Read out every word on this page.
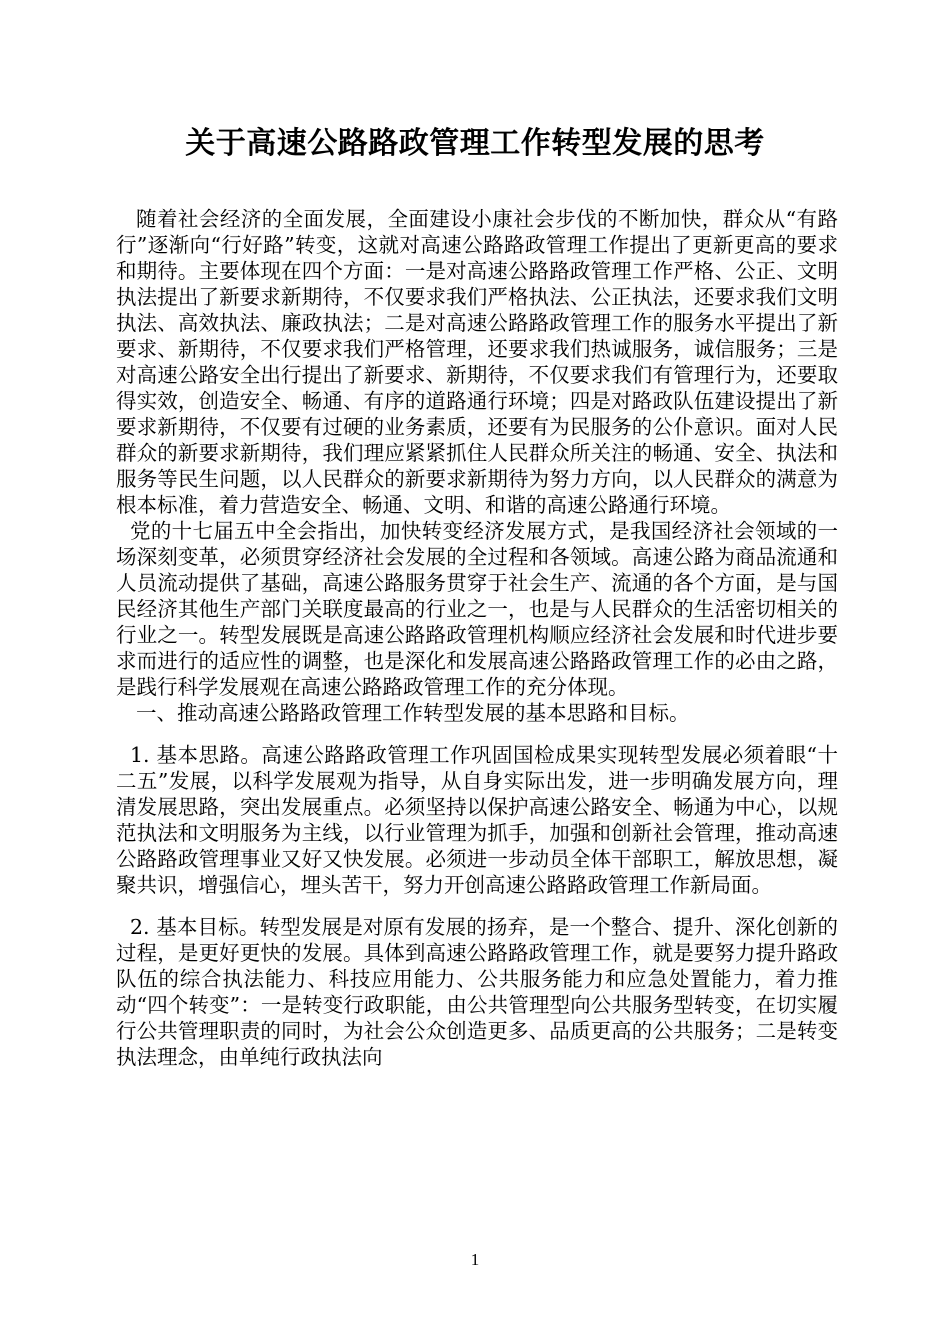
关于高速公路路政管理工作转型发展的思考

随着社会经济的全面发展，全面建设小康社会步伐的不断加快，群众从“有路行”逐渐向“行好路”转变，这就对高速公路路政管理工作提出了更新更高的要求和期待。主要体现在四个方面：一是对高速公路路政管理工作严格、公正、文明执法提出了新要求新期待，不仅要求我们严格执法、公正执法，还要求我们文明执法、高效执法、廉政执法；二是对高速公路路政管理工作的服务水平提出了新要求、新期待，不仅要求我们严格管理，还要求我们热诚服务，诚信服务；三是对高速公路安全出行提出了新要求、新期待，不仅要求我们有管理行为，还要取得实效，创造安全、畅通、有序的道路通行环境；四是对路政队伍建设提出了新要求新期待，不仅要有过硬的业务素质，还要有为民服务的公仆意识。面对人民群众的新要求新期待，我们理应紧紧抓住人民群众所关注的畅通、安全、执法和服务等民生问题，以人民群众的新要求新期待为努力方向，以人民群众的满意为根本标准，着力营造安全、畅通、文明、和谐的高速公路通行环境。

党的十七届五中全会指出，加快转变经济发展方式，是我国经济社会领域的一场深刻变革，必须贯穿经济社会发展的全过程和各领域。高速公路为商品流通和人员流动提供了基础，高速公路服务贯穿于社会生产、流通的各个方面，是与国民经济其他生产部门关联度最高的行业之一，也是与人民群众的生活密切相关的行业之一。转型发展既是高速公路路政管理机构顺应经济社会发展和时代进步要求而进行的适应性的调整，也是深化和发展高速公路路政管理工作的必由之路，是践行科学发展观在高速公路路政管理工作的充分体现。

一、推动高速公路路政管理工作转型发展的基本思路和目标。

1. 基本思路。高速公路路政管理工作巩固国检成果实现转型发展必须着眼“十二五”发展，以科学发展观为指导，从自身实际出发，进一步明确发展方向，理清发展思路，突出发展重点。必须坚持以保护高速公路安全、畅通为中心，以规范执法和文明服务为主线，以行业管理为抓手，加强和创新社会管理，推动高速公路路政管理事业又好又快发展。必须进一步动员全体干部职工，解放思想，凝聚共识，增强信心，埋头苦干，努力开创高速公路路政管理工作新局面。

2. 基本目标。转型发展是对原有发展的扬弃，是一个整合、提升、深化创新的过程，是更好更快的发展。具体到高速公路路政管理工作，就是要努力提升路政队伍的综合执法能力、科技应用能力、公共服务能力和应急处置能力，着力推动“四个转变”：一是转变行政职能，由公共管理型向公共服务型转变，在切实履行公共管理职责的同时，为社会公众创造更多、品质更高的公共服务；二是转变执法理念，由单纯行政执法向

1
